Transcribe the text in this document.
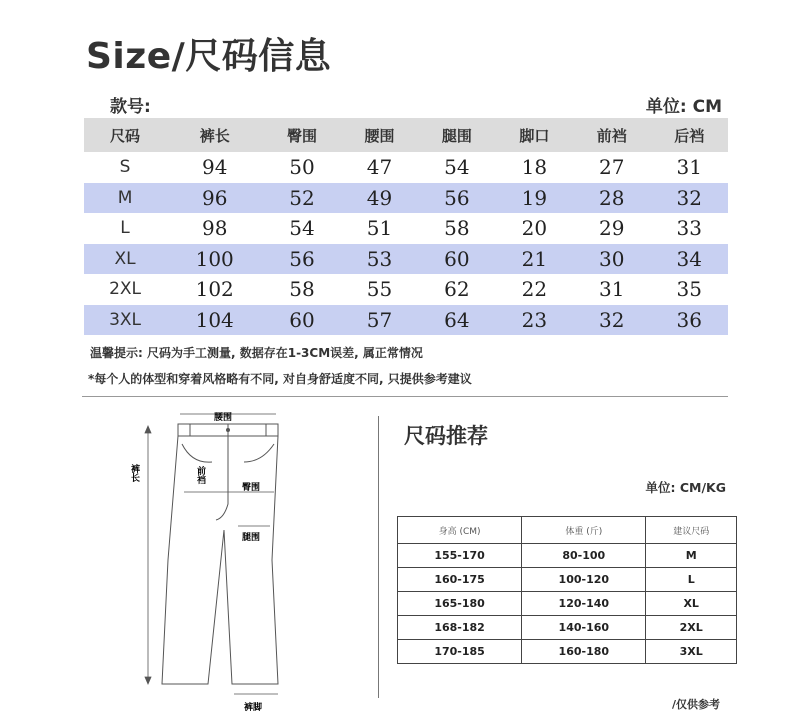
Size/尺码信息
款号:	单位: CM
尺码	裤长	臀围	腰围	腿围	脚口	前裆	后裆
S	94	50	47	54	18	27	31
M	96	52	49	56	19	28	32
L	98	54	51	58	20	29	33
XL	100	56	53	60	21	30	34
2XL	102	58	55	62	22	31	35
3XL	104	60	57	64	23	32	36
温馨提示: 尺码为手工测量, 数据存在1-3CM误差, 属正常情况
*每个人的体型和穿着风格略有不同, 对自身舒适度不同, 只提供参考建议
腰围
裤长	前裆
臀围
腿围
裤脚
尺码推荐
单位: CM/KG
身高 (CM)	体重 (斤)	建议尺码
155-170	80-100	M
160-175	100-120	L
165-180	120-140	XL
168-182	140-160	2XL
170-185	160-180	3XL
/仅供参考
